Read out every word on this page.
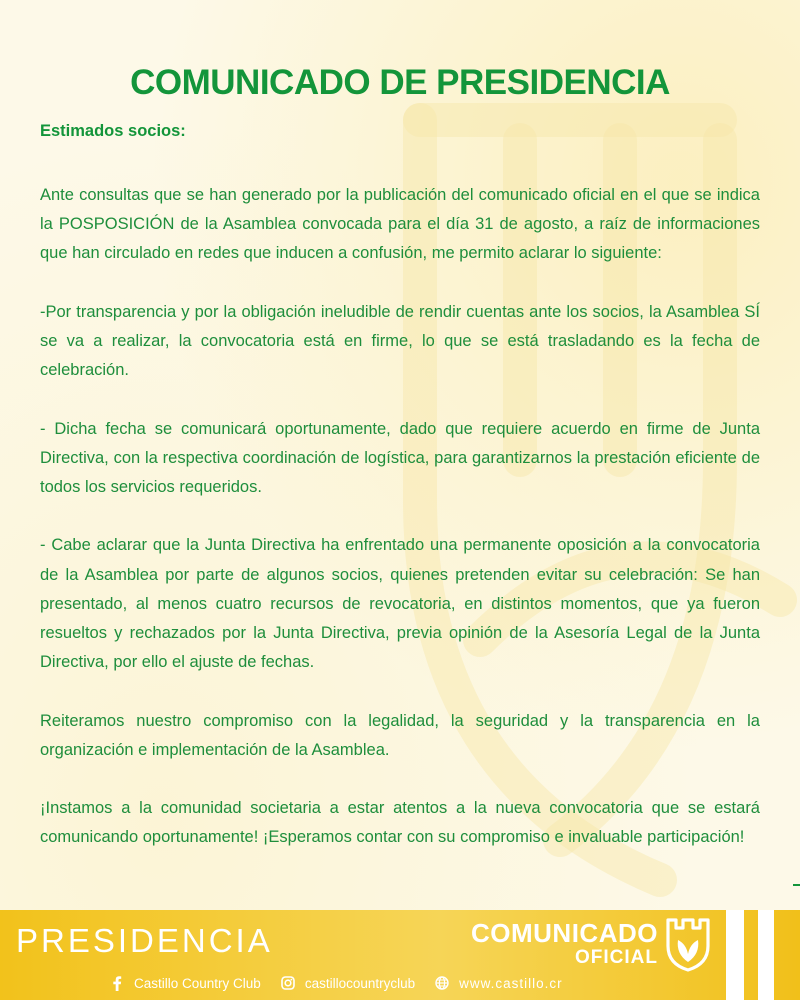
COMUNICADO DE PRESIDENCIA

Estimados socios:

Ante consultas que se han generado por la publicación del comunicado oficial en el que se indica la POSPOSICIÓN de la Asamblea convocada para el día 31 de agosto, a raíz de informaciones que han circulado en redes que inducen a confusión, me permito aclarar lo siguiente:

-Por transparencia y por la obligación ineludible de rendir cuentas ante los socios, la Asamblea SÍ se va a realizar, la convocatoria está en firme, lo que se está trasladando es la fecha de celebración.

- Dicha fecha se comunicará oportunamente, dado que requiere acuerdo en firme de Junta Directiva, con la respectiva coordinación de logística, para garantizarnos la prestación eficiente de todos los servicios requeridos.

- Cabe aclarar que la Junta Directiva ha enfrentado una permanente oposición a la convocatoria de la Asamblea por parte de algunos socios, quienes pretenden evitar su celebración: Se han presentado, al menos cuatro recursos de revocatoria, en distintos momentos, que ya fueron resueltos y rechazados por la Junta Directiva, previa opinión de la Asesoría Legal de la Junta Directiva, por ello el ajuste de fechas.

Reiteramos nuestro compromiso con la legalidad, la seguridad y la transparencia en la organización e implementación de la Asamblea.

¡Instamos a la comunidad societaria a estar atentos a la nueva convocatoria que se estará comunicando oportunamente! ¡Esperamos contar con su compromiso e invaluable participación!

PRESIDENCIA	COMUNICADO
OFICIAL
Castillo Country Club	castillocountryclub	www.castillo.cr
